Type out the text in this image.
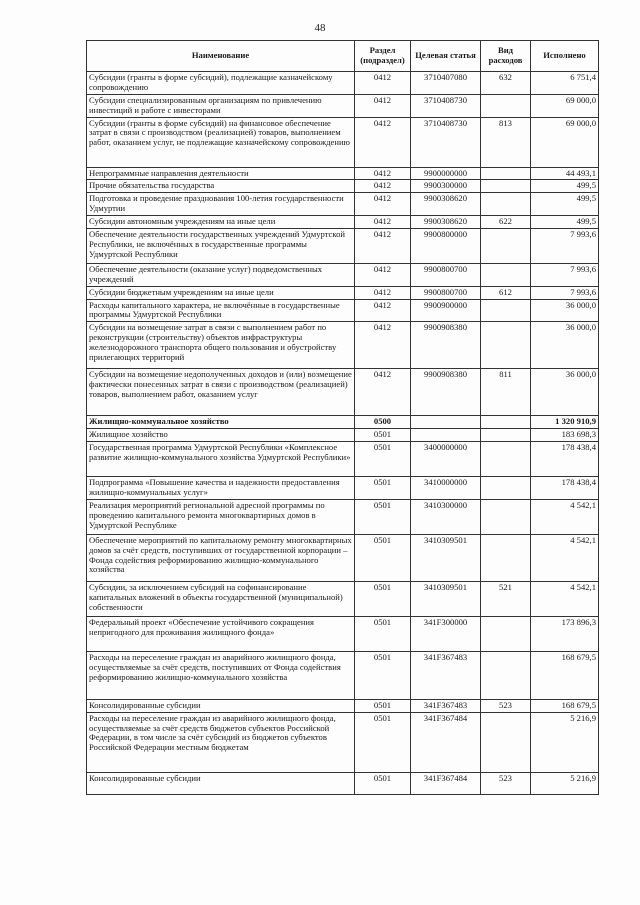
48
Наименование	Раздел (подраздел)	Целевая статья	Вид расходов	Исполнено
Субсидии (гранты в форме субсидий), подлежащие казначейскому сопровождению	0412	3710407080	632	6 751,4
Субсидии специализированным организациям по привлечению инвестиций и работе с инвесторами	0412	3710408730		69 000,0
Субсидии (гранты в форме субсидий) на финансовое обеспечение затрат в связи с производством (реализацией) товаров, выполнением работ, оказанием услуг, не подлежащие казначейскому сопровождению	0412	3710408730	813	69 000,0
Непрограммные направления деятельности	0412	9900000000		44 493,1
Прочие обязательства государства	0412	9900300000		499,5
Подготовка и проведение празднования 100-летия государственности Удмуртии	0412	9900308620		499,5
Субсидии автономным учреждениям на иные цели	0412	9900308620	622	499,5
Обеспечение деятельности государственных учреждений Удмуртской Республики, не включённых в государственные программы Удмуртской Республики	0412	9900800000		7 993,6
Обеспечение деятельности (оказание услуг) подведомственных учреждений	0412	9900800700		7 993,6
Субсидии бюджетным учреждениям на иные цели	0412	9900800700	612	7 993,6
Расходы капитального характера, не включённые в государственные программы Удмуртской Республики	0412	9900900000		36 000,0
Субсидии на возмещение затрат в связи с выполнением работ по реконструкции (строительству) объектов инфраструктуры железнодорожного транспорта общего пользования и обустройству прилегающих территорий	0412	9900908380		36 000,0
Субсидии на возмещение недополученных доходов и (или) возмещение фактически понесенных затрат в связи с производством (реализацией) товаров, выполнением работ, оказанием услуг	0412	9900908380	811	36 000,0
Жилищно-коммунальное хозяйство	0500			1 320 910,9
Жилищное хозяйство	0501			183 698,3
Государственная программа Удмуртской Республики «Комплексное развитие жилищно-коммунального хозяйства Удмуртской Республики»	0501	3400000000		178 438,4
Подпрограмма «Повышение качества и надежности предоставления жилищно-коммунальных услуг»	0501	3410000000		178 438,4
Реализация мероприятий региональной адресной программы по проведению капитального ремонта многоквартирных домов в Удмуртской Республике	0501	3410300000		4 542,1
Обеспечение мероприятий по капитальному ремонту многоквартирных домов за счёт средств, поступивших от государственной корпорации – Фонда содействия реформированию жилищно-коммунального хозяйства	0501	3410309501		4 542,1
Субсидии, за исключением субсидий на софинансирование капитальных вложений в объекты государственной (муниципальной) собственности	0501	3410309501	521	4 542,1
Федеральный проект «Обеспечение устойчивого сокращения непригодного для проживания жилищного фонда»	0501	341F300000		173 896,3
Расходы на переселение граждан из аварийного жилищного фонда, осуществляемые за счёт средств, поступивших от Фонда содействия реформированию жилищно-коммунального хозяйства	0501	341F367483		168 679,5
Консолидированные субсидии	0501	341F367483	523	168 679,5
Расходы на переселение граждан из аварийного жилищного фонда, осуществляемые за счёт средств бюджетов субъектов Российской Федерации, в том числе за счёт субсидий из бюджетов субъектов Российской Федерации местным бюджетам	0501	341F367484		5 216,9
Консолидированные субсидии	0501	341F367484	523	5 216,9
